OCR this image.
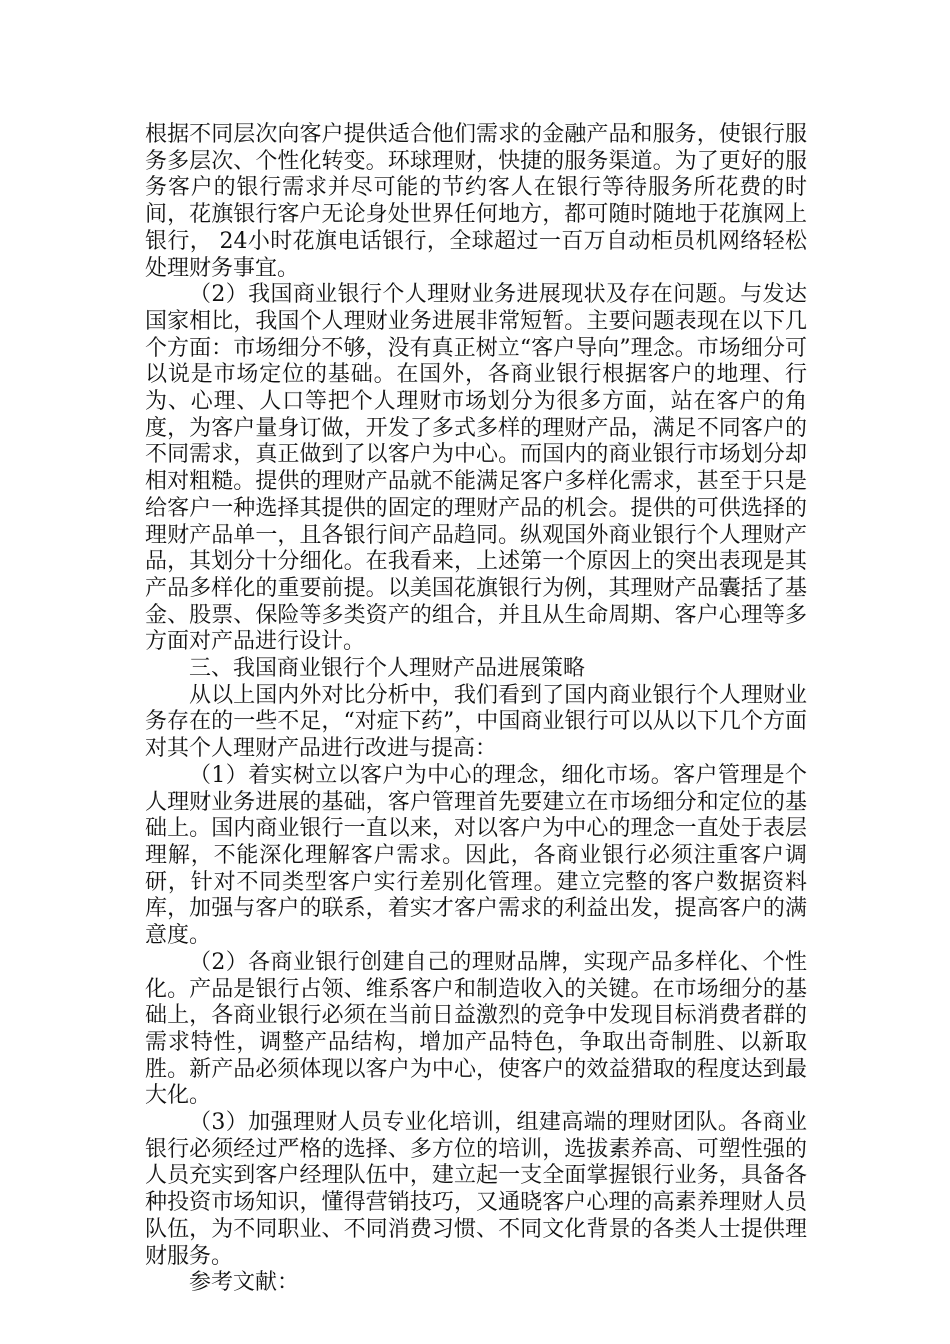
根据不同层次向客户提供适合他们需求的金融产品和服务，使银行服务多层次、个性化转变。环球理财，快捷的服务渠道。为了更好的服务客户的银行需求并尽可能的节约客人在银行等待服务所花费的时间，花旗银行客户无论身处世界任何地方，都可随时随地于花旗网上银行， 24小时花旗电话银行，全球超过一百万自动柜员机网络轻松处理财务事宜。

（2）我国商业银行个人理财业务进展现状及存在问题。与发达国家相比，我国个人理财业务进展非常短暂。主要问题表现在以下几个方面：市场细分不够，没有真正树立“客户导向”理念。市场细分可以说是市场定位的基础。在国外，各商业银行根据客户的地理、行为、心理、人口等把个人理财市场划分为很多方面，站在客户的角度，为客户量身订做，开发了多式多样的理财产品，满足不同客户的不同需求，真正做到了以客户为中心。而国内的商业银行市场划分却相对粗糙。提供的理财产品就不能满足客户多样化需求，甚至于只是给客户一种选择其提供的固定的理财产品的机会。提供的可供选择的理财产品单一，且各银行间产品趋同。纵观国外商业银行个人理财产品，其划分十分细化。在我看来，上述第一个原因上的突出表现是其产品多样化的重要前提。以美国花旗银行为例，其理财产品囊括了基金、股票、保险等多类资产的组合，并且从生命周期、客户心理等多方面对产品进行设计。

三、我国商业银行个人理财产品进展策略

从以上国内外对比分析中，我们看到了国内商业银行个人理财业务存在的一些不足，“对症下药”，中国商业银行可以从以下几个方面对其个人理财产品进行改进与提高：

（1）着实树立以客户为中心的理念，细化市场。客户管理是个人理财业务进展的基础，客户管理首先要建立在市场细分和定位的基础上。国内商业银行一直以来，对以客户为中心的理念一直处于表层理解，不能深化理解客户需求。因此，各商业银行必须注重客户调研，针对不同类型客户实行差别化管理。建立完整的客户数据资料库，加强与客户的联系，着实才客户需求的利益出发，提高客户的满意度。

（2）各商业银行创建自己的理财品牌，实现产品多样化、个性化。产品是银行占领、维系客户和制造收入的关键。在市场细分的基础上，各商业银行必须在当前日益激烈的竞争中发现目标消费者群的需求特性，调整产品结构，增加产品特色，争取出奇制胜、以新取胜。新产品必须体现以客户为中心，使客户的效益猎取的程度达到最大化。

（3）加强理财人员专业化培训，组建高端的理财团队。各商业银行必须经过严格的选择、多方位的培训，选拔素养高、可塑性强的人员充实到客户经理队伍中，建立起一支全面掌握银行业务，具备各种投资市场知识，懂得营销技巧，又通晓客户心理的高素养理财人员队伍，为不同职业、不同消费习惯、不同文化背景的各类人士提供理财服务。

参考文献：
